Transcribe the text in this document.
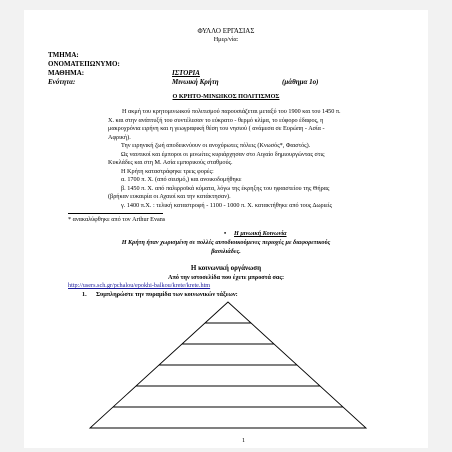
ΦΥΛΛΟ ΕΡΓΑΣΙΑΣ
Ημερ/νία:
ΤΜΗΜΑ:
ΟΝΟΜΑΤΕΠΩΝΥΜΟ:
ΜΑΘΗΜΑ:	ΙΣΤΟΡΙΑ
Ενότητα:	Μινωική Κρήτη	(μάθημα 1ο)
Ο ΚΡΗΤΟ-ΜΙΝΩΙΚΟΣ ΠΟΛΙΤΙΣΜΟΣ
Η ακμή του κρητομινωικού πολιτισμού παρουσιάζεται μεταξύ του 1900 και του 1450 π.
Χ. και στην ανάπτυξή του συντέλεσαν το εύκρατο - θερμό κλίμα, το εύφορο έδαφος, η
μακροχρόνια ειρήνη και η γεωγραφική θέση του νησιού ( ανάμεσα σε Ευρώπη - Ασία -
Αφρική).
Την ειρηνική ζωή αποδεικνύουν οι ανοχύρωτες πόλεις (Κνωσός*, Φαιστός).
Ως ναυτικοί και έμποροι οι μινωίτες κυριάρχησαν στο Αιγαίο δημιουργώντας στις
Κυκλάδες και στη Μ. Ασία εμπορικούς σταθμούς.
Η Κρήτη καταστράφηκε τρεις φορές:
α. 1700 π. Χ. (από σεισμό,) και ανοικοδομήθηκε
β. 1450 π. Χ. από παλιρροϊκά κύματα, λόγω της έκρηξης του ηφαιστείου της Θήρας
(βρήκαν ευκαιρία οι Αχαιοί και την κατάκτησαν).
γ. 1400 π.Χ. : τελική καταστροφή - 1100 - 1000 π. Χ. κατακτήθηκε από τους Δωριείς
* ανακαλύφθηκε από τον Arthur Evans
• Η μινωική Κοινωνία
Η Κρήτη ήταν χωρισμένη σε πολλές αυτοδιοικούμενες περιοχές με διαφορετικούς
βασιλιάδες.
Η κοινωνική οργάνωση
Από την ιστοσελίδα που έχετε μπροστά σας:
http://users.sch.gr/pchalou/epokhi-balkou/krete/krete.htm
1. Συμπληρώστε την πυραμίδα των κοινωνικών τάξεων:
1
